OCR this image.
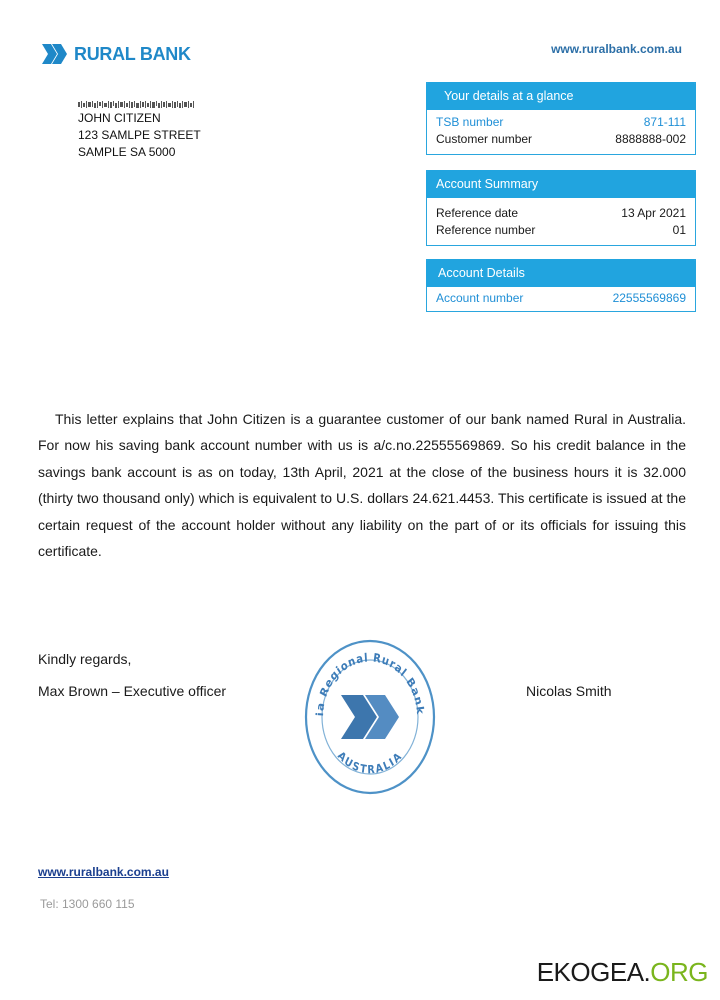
RURAL BANK	www.ruralbank.com.au
JOHN CITIZEN
123 SAMLPE STREET
SAMPLE SA 5000
Your details at a glance
TSB number	871-111
Customer number	8888888-002
Account Summary
Reference date	13 Apr 2021
Reference number	01
Account Details
Account number	22555569869

This letter explains that John Citizen is a guarantee customer of our bank named Rural in Australia. For now his saving bank account number with us is a/c.no.22555569869. So his credit balance in the savings bank account is as on today, 13th April, 2021 at the close of the business hours it is 32.000 (thirty two thousand only) which is equivalent to U.S. dollars 24.621.4453. This certificate is issued at the certain request of the account holder without any liability on the part of or its officials for issuing this certificate.

Kindly regards,
Max Brown – Executive officer	Nicolas Smith
ia Regional Rural Bank
AUSTRALIA
www.ruralbank.com.au
Tel: 1300 660 115
EKOGEA.ORG
